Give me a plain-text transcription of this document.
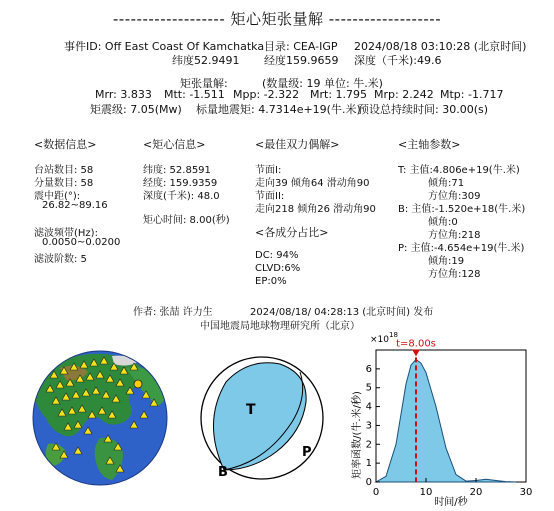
------------------- 矩心矩张量解 -------------------
事件ID: Off East Coast Of Kamchatka 目录: CEA-IGP 2024/08/18 03:10:28 (北京时间)
纬度52.9491 经度159.9659 深度（千米):49.6
矩张量解:	(数量级: 19 单位: 牛.米)
Mrr: 3.833 Mtt: -1.511 Mpp: -2.322 Mrt: 1.795 Mrp: 2.242 Mtp: -1.717
矩震级: 7.05(Mw) 标量地震矩: 4.7314e+19(牛.米)
预设总持续时间: 30.00(s)
<数据信息>
台站数目: 58
分量数目: 58
震中距(°):
26.82~89.16
滤波频带(Hz):
0.0050~0.0200
滤波阶数: 5
<矩心信息>
纬度: 52.8591
经度: 159.9359
深度(千米): 48.0
矩心时间: 8.00(秒)
<最佳双力偶解>
节面I:
走向39 倾角64 滑动角90
节面II:
走向218 倾角26 滑动角90
<各成分占比>
DC: 94%
CLVD:6%
EP:0%
<主轴参数>
T: 主值:4.806e+19(牛.米)
倾角:71
方位角:309
B: 主值:-1.520e+18(牛.米)
倾角:0
方位角:218
P: 主值:-4.654e+19(牛.米)
倾角:19
方位角:128
作者: 张喆 许力生	2024/08/18/ 04:28:13 (北京时间) 发布
中国地震局地球物理研究所（北京）
T
P
B
0	10	20	30
0
1
2
3
4
5
6
t=8.00s
$\times 10^{18}$
矩率函数/(牛.米/秒)
时间/秒
